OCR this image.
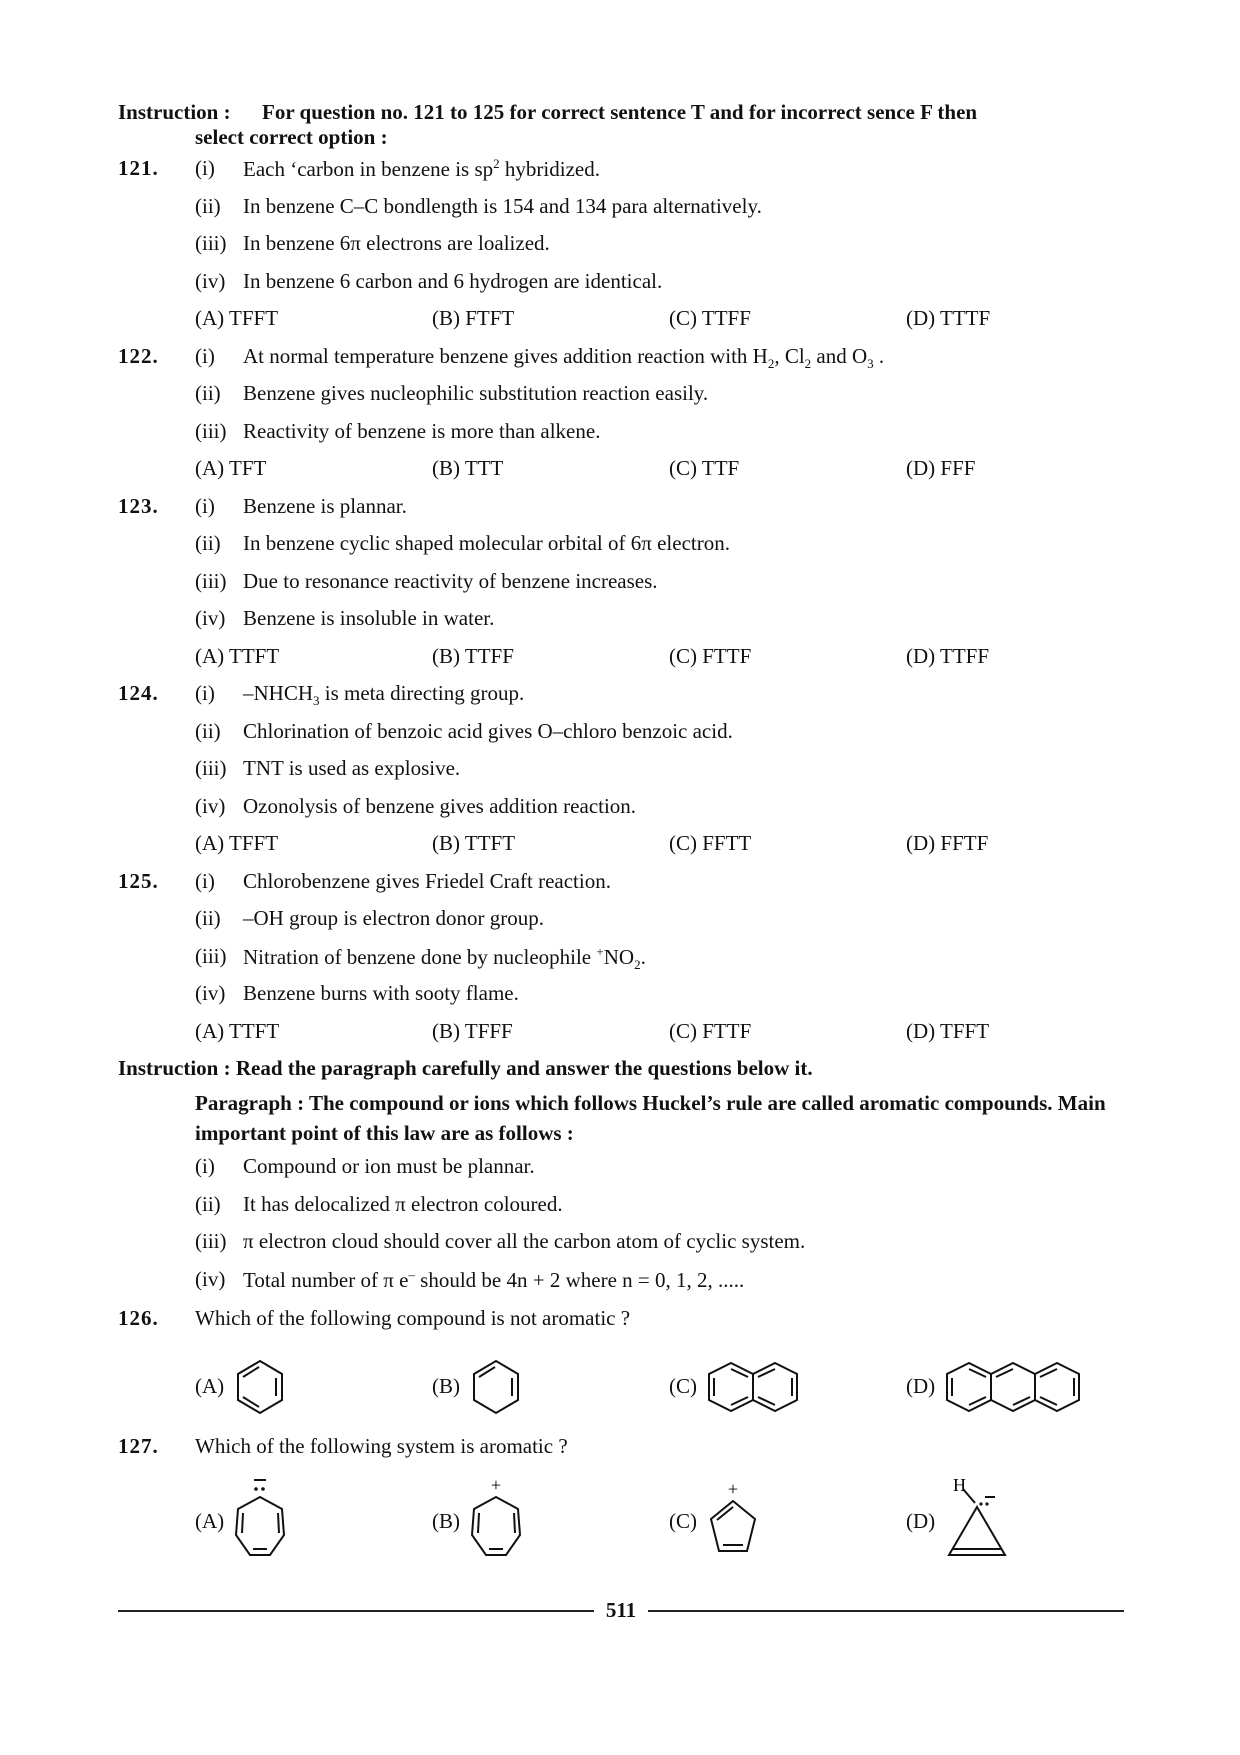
Instruction : For question no. 121 to 125 for correct sentence T and for incorrect sence F then
select correct option :
121.	(i)	Each ‘carbon in benzene is $sp^2$ hybridized.
(ii)	In benzene C–C bondlength is 154 and 134 para alternatively.
(iii) In benzene 6π electrons are loalized.
(iv) In benzene 6 carbon and 6 hydrogen are identical.
(A) TFFT	(B) FTFT	(C) TTFF	(D) TTTF
122.	(i)	At normal temperature benzene gives addition reaction with $H_2$, $Cl_2$ and $O_3$ .
(ii)	Benzene gives nucleophilic substitution reaction easily.
(iii) Reactivity of benzene is more than alkene.
(A) TFT	(B) TTT	(C) TTF	(D) FFF
123.	(i)	Benzene is plannar.
(ii)	In benzene cyclic shaped molecular orbital of 6π electron.
(iii) Due to resonance reactivity of benzene increases.
(iv) Benzene is insoluble in water.
(A) TTFT	(B) TTFF	(C) FTTF	(D) TTFF
124.	(i)	$-NHCH_3$ is meta directing group.
(ii)	Chlorination of benzoic acid gives O–chloro benzoic acid.
(iii) TNT is used as explosive.
(iv) Ozonolysis of benzene gives addition reaction.
(A) TFFT	(B) TTFT	(C) FFTT	(D) FFTF
125.	(i)	Chlorobenzene gives Friedel Craft reaction.
(ii)	–OH group is electron donor group.
(iii) Nitration of benzene done by nucleophile $^+NO_2$.
(iv) Benzene burns with sooty flame.
(A) TTFT	(B) TFFF	(C) FTTF	(D) TFFT
Instruction : Read the paragraph carefully and answer the questions below it.
Paragraph : The compound or ions which follows Huckel’s rule are called aromatic compounds. Main important point of this law are as follows :
(i)	Compound or ion must be plannar.
(ii)	It has delocalized π electron coloured.
(iii) π electron cloud should cover all the carbon atom of cyclic system.
(iv) Total number of π e– should be 4n + 2 where n = 0, 1, 2, .....
126.	Which of the following compound is not aromatic ?
(A)	(B)	(C)	(D)
127.	Which of the following system is aromatic ?
(A)	(B)
+
(C)
+
(D)
H
511
